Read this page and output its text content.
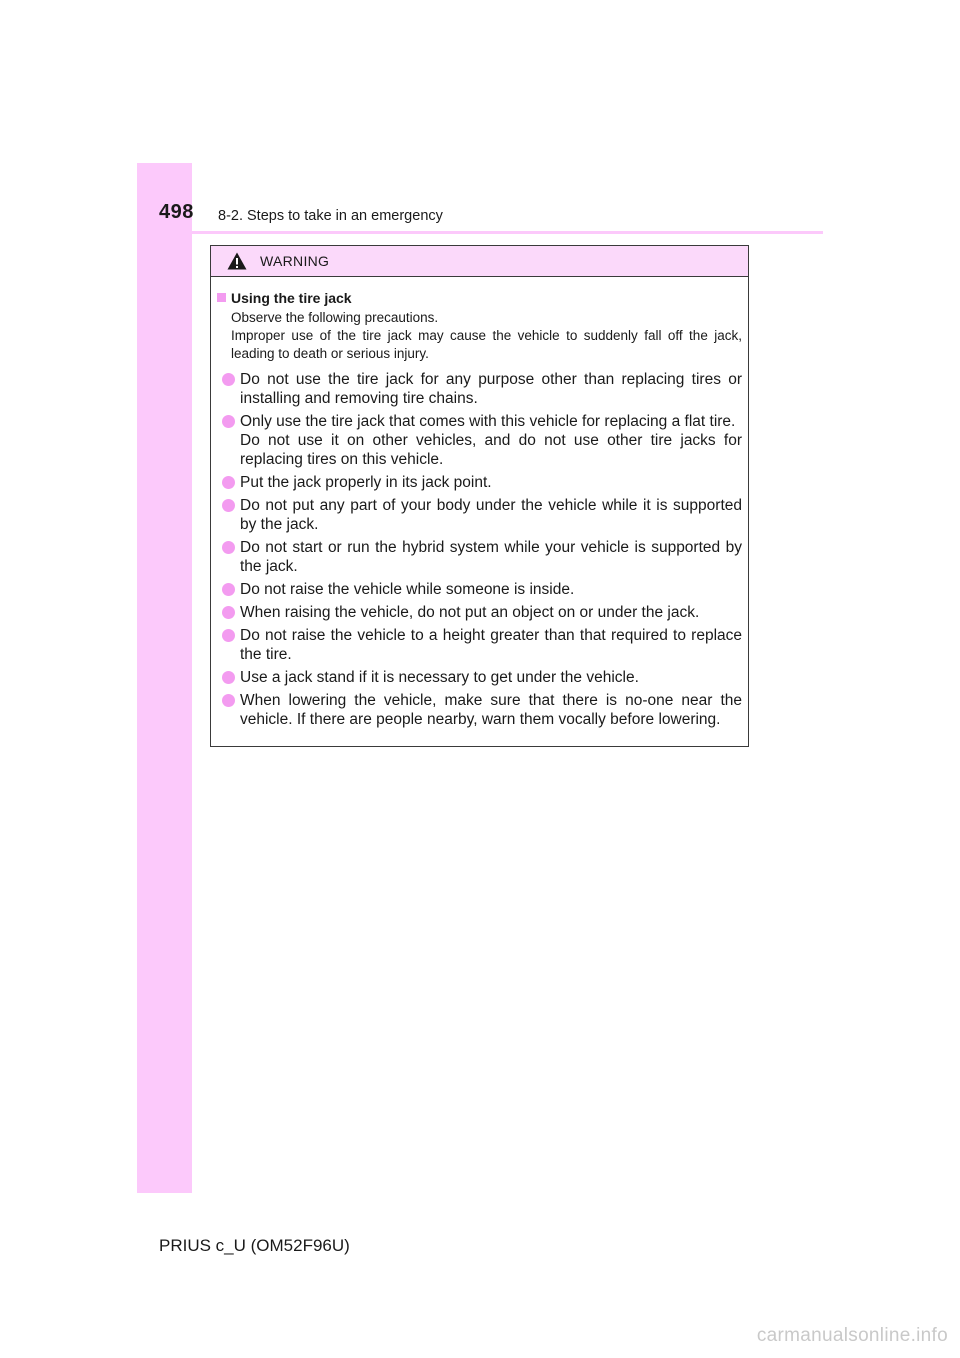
498 8-2. Steps to take in an emergency
WARNING
Using the tire jack

Observe the following precautions.

Improper use of the tire jack may cause the vehicle to suddenly fall off the jack, leading to death or serious injury.

Do not use the tire jack for any purpose other than replacing tires or installing and removing tire chains.
Only use the tire jack that comes with this vehicle for replacing a flat tire.
Do not use it on other vehicles, and do not use other tire jacks for replacing tires on this vehicle.
Put the jack properly in its jack point.
Do not put any part of your body under the vehicle while it is supported by the jack.
Do not start or run the hybrid system while your vehicle is supported by the jack.
Do not raise the vehicle while someone is inside.
When raising the vehicle, do not put an object on or under the jack.
Do not raise the vehicle to a height greater than that required to replace the tire.
Use a jack stand if it is necessary to get under the vehicle.
When lowering the vehicle, make sure that there is no-one near the vehicle. If there are people nearby, warn them vocally before lowering.
PRIUS c_U (OM52F96U)
carmanualsonline.info
